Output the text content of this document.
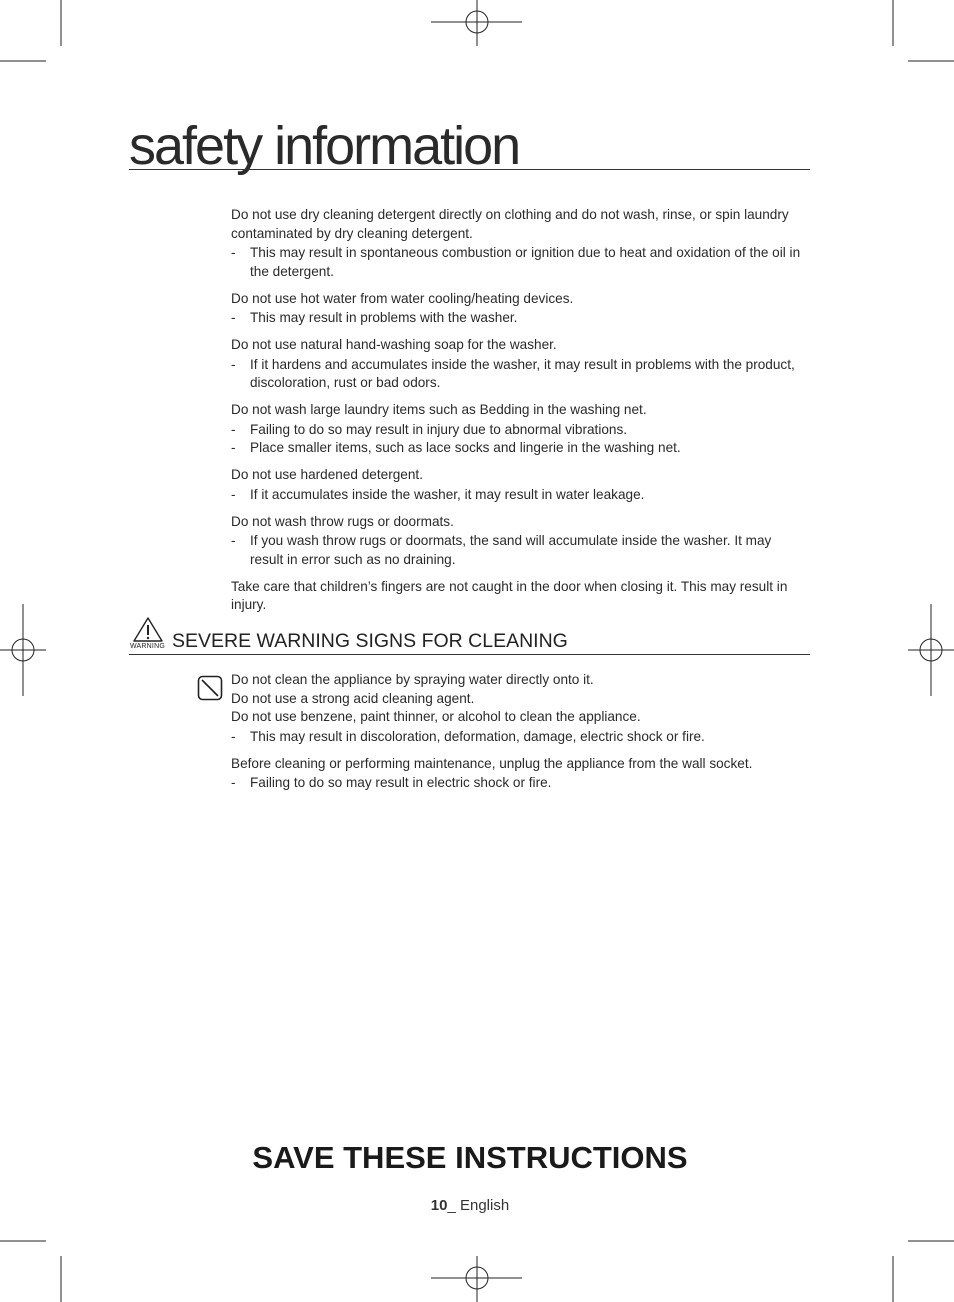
safety information

Do not use dry cleaning detergent directly on clothing and do not wash, rinse, or spin laundry contaminated by dry cleaning detergent.

- This may result in spontaneous combustion or ignition due to heat and oxidation of the oil in the detergent.

Do not use hot water from water cooling/heating devices.

- This may result in problems with the washer.

Do not use natural hand-washing soap for the washer.

- If it hardens and accumulates inside the washer, it may result in problems with the product, discoloration, rust or bad odors.

Do not wash large laundry items such as Bedding in the washing net.

- Failing to do so may result in injury due to abnormal vibrations.
- Place smaller items, such as lace socks and lingerie in the washing net.

Do not use hardened detergent.

- If it accumulates inside the washer, it may result in water leakage.

Do not wash throw rugs or doormats.

- If you wash throw rugs or doormats, the sand will accumulate inside the washer. It may result in error such as no draining.

Take care that children’s fingers are not caught in the door when closing it. This may result in injury.

WARNING SEVERE WARNING SIGNS FOR CLEANING

Do not clean the appliance by spraying water directly onto it.

Do not use a strong acid cleaning agent.

Do not use benzene, paint thinner, or alcohol to clean the appliance.

- This may result in discoloration, deformation, damage, electric shock or fire.

Before cleaning or performing maintenance, unplug the appliance from the wall socket.

- Failing to do so may result in electric shock or fire.
SAVE THESE INSTRUCTIONS
10_ English
